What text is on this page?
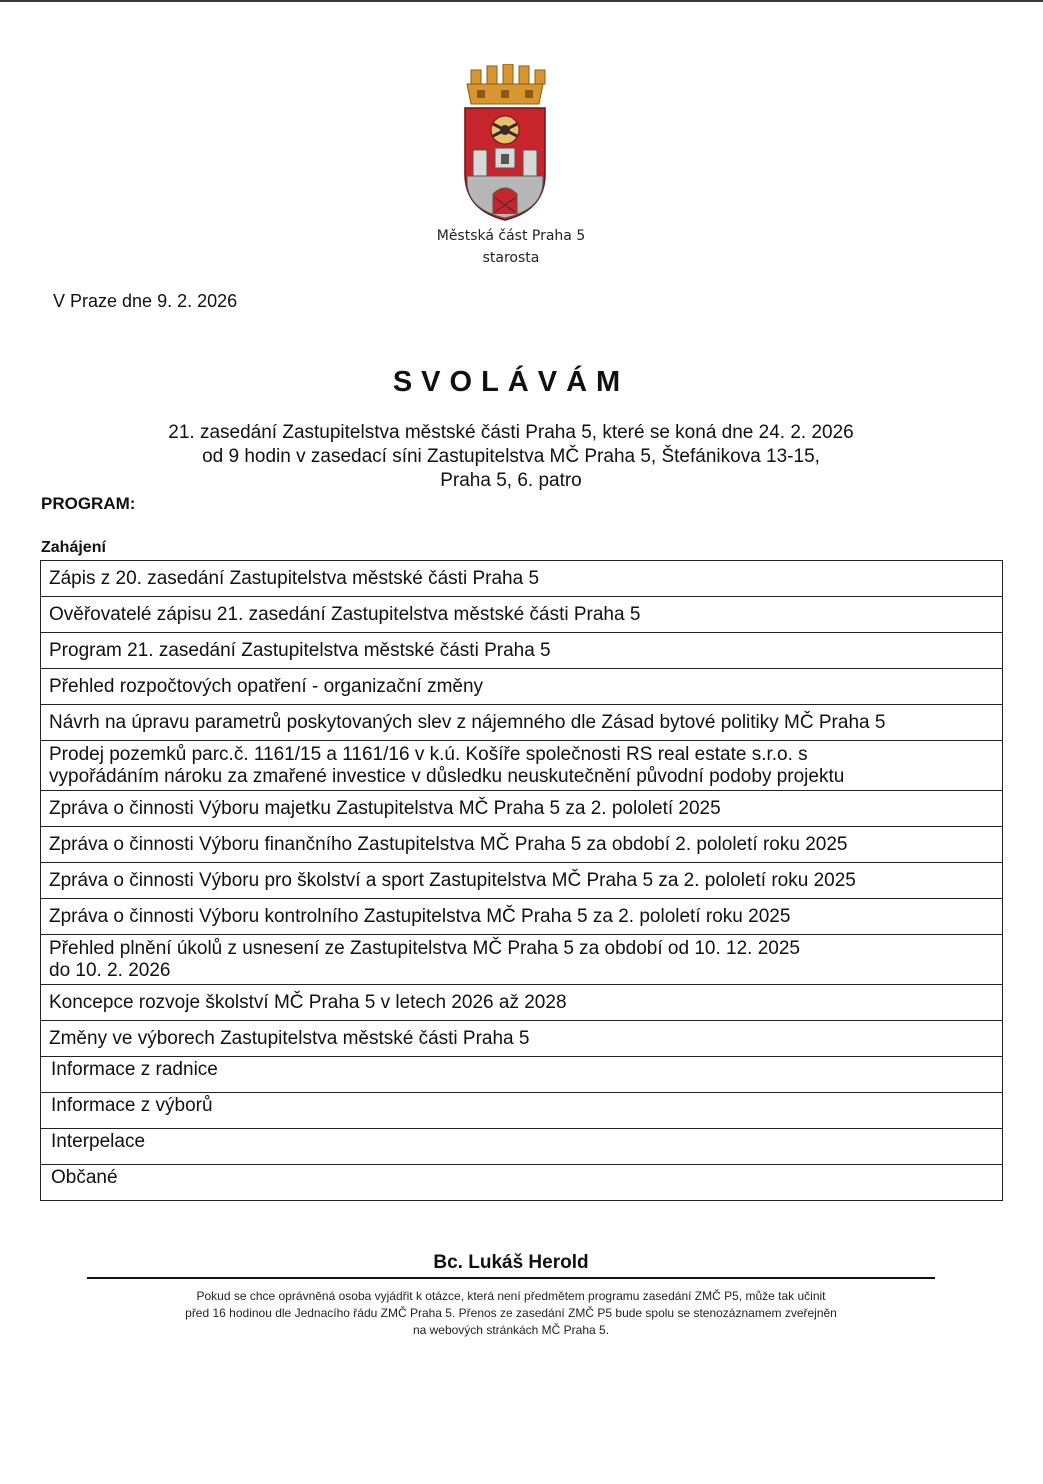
Městská část Praha 5
starosta
V Praze dne 9. 2. 2026
SVOLÁVÁM
21. zasedání Zastupitelstva městské části Praha 5, které se koná dne 24. 2. 2026
od 9 hodin v zasedací síni Zastupitelstva MČ Praha 5, Štefánikova 13-15,
Praha 5, 6. patro
PROGRAM:
Zahájení
Zápis z 20. zasedání Zastupitelstva městské části Praha 5
Ověřovatelé zápisu 21. zasedání Zastupitelstva městské části Praha 5
Program 21. zasedání Zastupitelstva městské části Praha 5
Přehled rozpočtových opatření - organizační změny
Návrh na úpravu parametrů poskytovaných slev z nájemného dle Zásad bytové politiky MČ Praha 5

Prodej pozemků parc.č. 1161/15 a 1161/16 v k.ú. Košíře společnosti RS real estate s.r.o. s
vypořádáním nároku za zmařené investice v důsledku neuskutečnění původní podoby projektu

Zpráva o činnosti Výboru majetku Zastupitelstva MČ Praha 5 za 2. pololetí 2025
Zpráva o činnosti Výboru finančního Zastupitelstva MČ Praha 5 za období 2. pololetí roku 2025
Zpráva o činnosti Výboru pro školství a sport Zastupitelstva MČ Praha 5 za 2. pololetí roku 2025
Zpráva o činnosti Výboru kontrolního Zastupitelstva MČ Praha 5 za 2. pololetí roku 2025

Přehled plnění úkolů z usnesení ze Zastupitelstva MČ Praha 5 za období od 10. 12. 2025
do 10. 2. 2026

Koncepce rozvoje školství MČ Praha 5 v letech 2026 až 2028
Změny ve výborech Zastupitelstva městské části Praha 5
Informace z radnice
Informace z výborů
Interpelace
Občané
Bc. Lukáš Herold
Pokud se chce oprávněná osoba vyjádřit k otázce, která není předmětem programu zasedání ZMČ P5, může tak učinit
před 16 hodinou dle Jednacího řádu ZMČ Praha 5. Přenos ze zasedání ZMČ P5 bude spolu se stenozáznamem zveřejněn
na webových stránkách MČ Praha 5.
